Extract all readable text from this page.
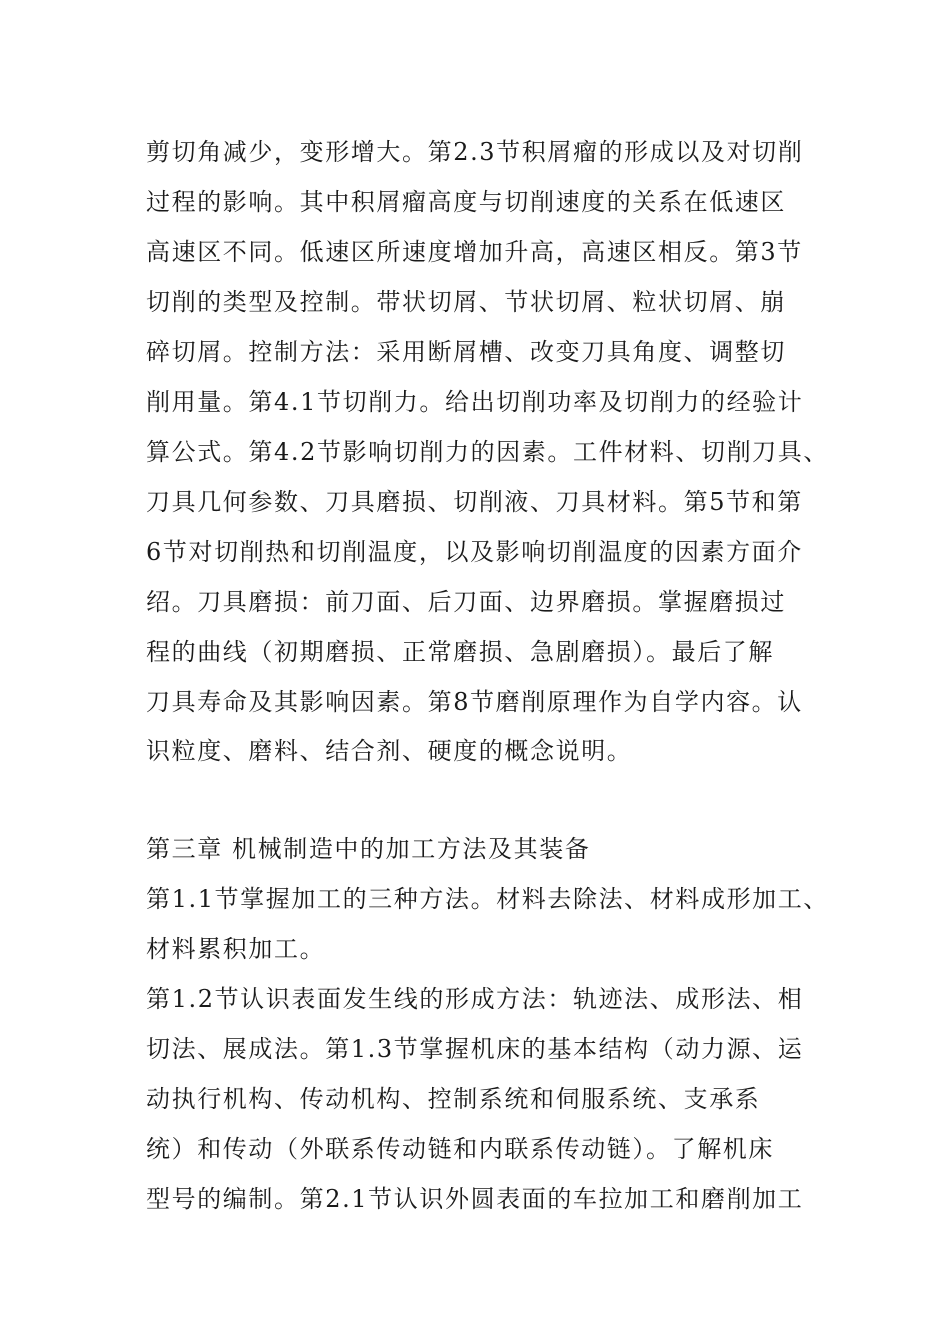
剪切角减少，变形增大。第2.3节积屑瘤的形成以及对切削
过程的影响。其中积屑瘤高度与切削速度的关系在低速区
高速区不同。低速区所速度增加升高，高速区相反。第3节
切削的类型及控制。带状切屑、节状切屑、粒状切屑、崩
碎切屑。控制方法：采用断屑槽、改变刀具角度、调整切
削用量。第4.1节切削力。给出切削功率及切削力的经验计
算公式。第4.2节影响切削力的因素。工件材料、切削刀具、
刀具几何参数、刀具磨损、切削液、刀具材料。第5节和第
6节对切削热和切削温度，以及影响切削温度的因素方面介
绍。刀具磨损：前刀面、后刀面、边界磨损。掌握磨损过
程的曲线（初期磨损、正常磨损、急剧磨损）。最后了解
刀具寿命及其影响因素。第8节磨削原理作为自学内容。认
识粒度、磨料、结合剂、硬度的概念说明。
第三章 机械制造中的加工方法及其装备
第1.1节掌握加工的三种方法。材料去除法、材料成形加工、
材料累积加工。
第1.2节认识表面发生线的形成方法：轨迹法、成形法、相
切法、展成法。第1.3节掌握机床的基本结构（动力源、运
动执行机构、传动机构、控制系统和伺服系统、支承系
统）和传动（外联系传动链和内联系传动链）。了解机床
型号的编制。第2.1节认识外圆表面的车拉加工和磨削加工
